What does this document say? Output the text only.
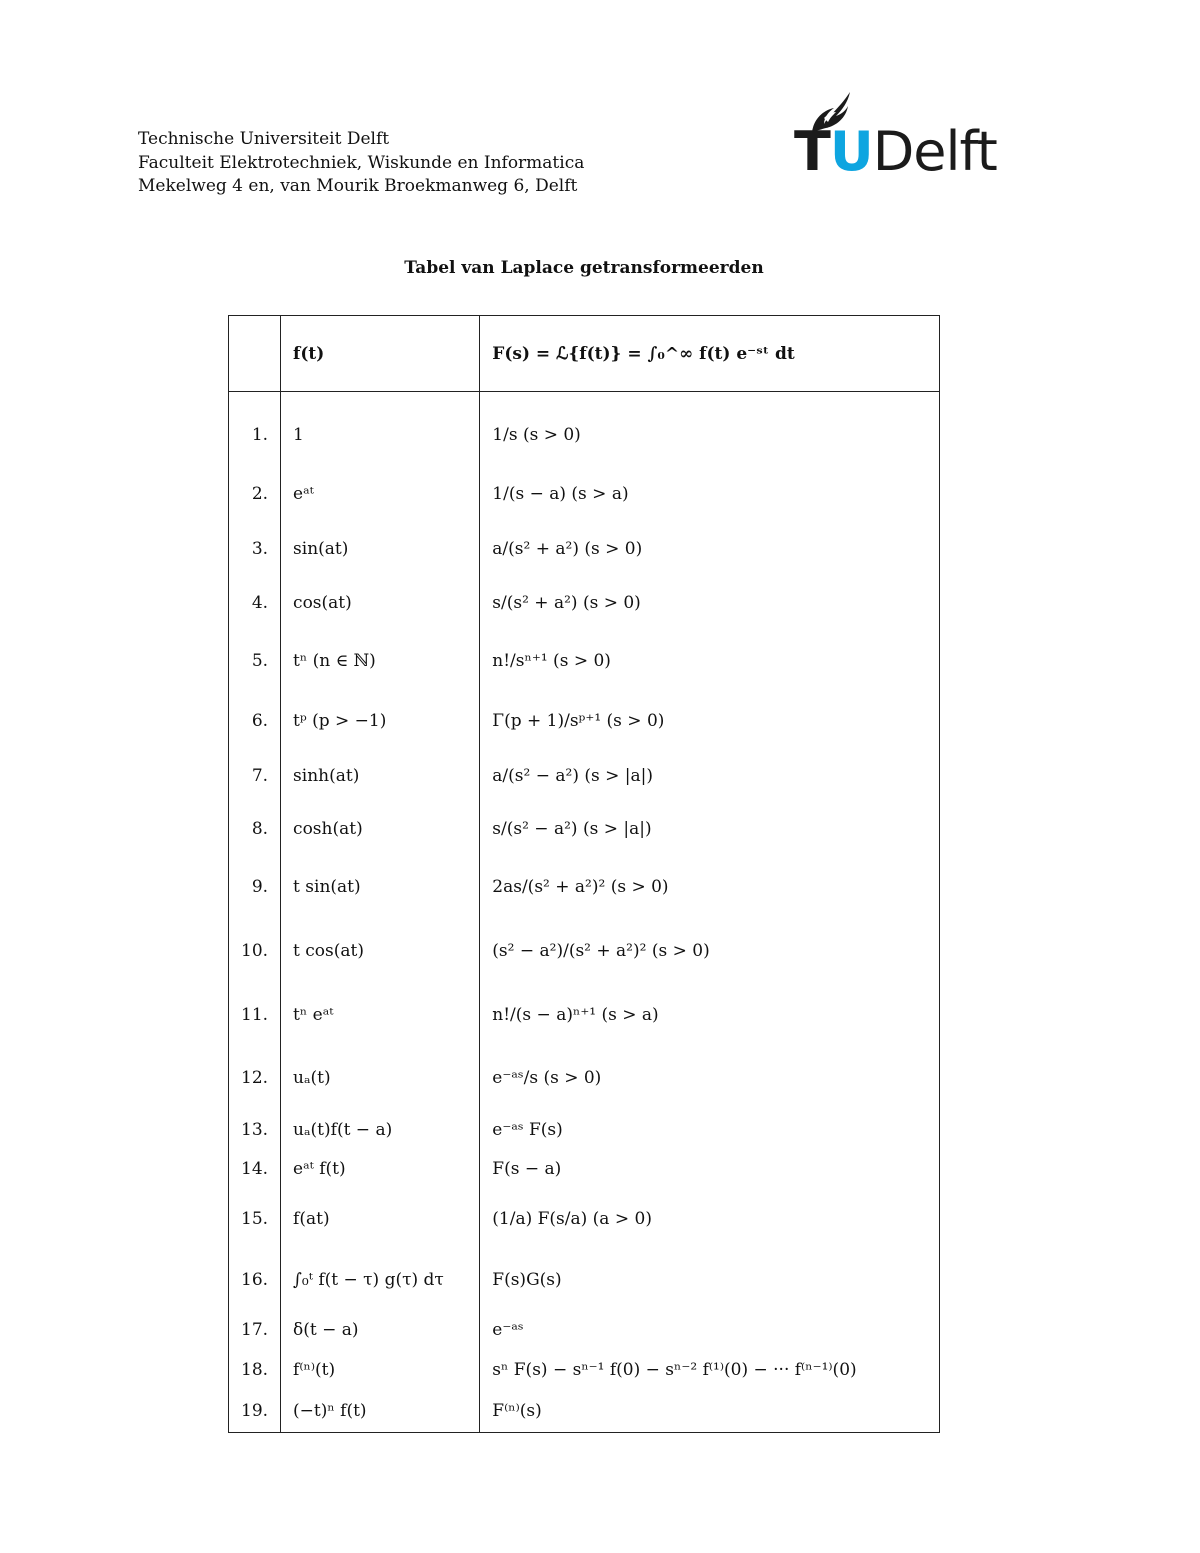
Technische Universiteit Delft
Faculteit Elektrotechniek, Wiskunde en Informatica
Mekelweg 4 en, van Mourik Broekmanweg 6, Delft
TUDelft
Tabel van Laplace getransformeerden
	f(t)	F(s) = ℒ{f(t)} = ∫₀^∞ f(t) e⁻ˢᵗ dt

1.	1	1/s (s > 0)
2.	eᵃᵗ	1/(s − a) (s > a)
3.	sin(at)	a/(s² + a²) (s > 0)
4.	cos(at)	s/(s² + a²) (s > 0)
5.	tⁿ (n ∈ ℕ)	n!/sⁿ⁺¹ (s > 0)
6.	tᵖ (p > −1)	Γ(p + 1)/sᵖ⁺¹ (s > 0)
7.	sinh(at)	a/(s² − a²) (s > |a|)
8.	cosh(at)	s/(s² − a²) (s > |a|)
9.	t sin(at)	2as/(s² + a²)² (s > 0)
10.	t cos(at)	(s² − a²)/(s² + a²)² (s > 0)
11.	tⁿ eᵃᵗ	n!/(s − a)ⁿ⁺¹ (s > a)
12.	uₐ(t)	e⁻ᵃˢ/s (s > 0)
13.	uₐ(t)f(t − a)	e⁻ᵃˢ F(s)
14.	eᵃᵗ f(t)	F(s − a)
15.	f(at)	(1/a) F(s/a) (a > 0)
16.	∫₀ᵗ f(t − τ) g(τ) dτ	F(s)G(s)
17.	δ(t − a)	e⁻ᵃˢ
18.	f⁽ⁿ⁾(t)	sⁿ F(s) − sⁿ⁻¹ f(0) − sⁿ⁻² f⁽¹⁾(0) − ··· f⁽ⁿ⁻¹⁾(0)
19.	(−t)ⁿ f(t)	F⁽ⁿ⁾(s)
